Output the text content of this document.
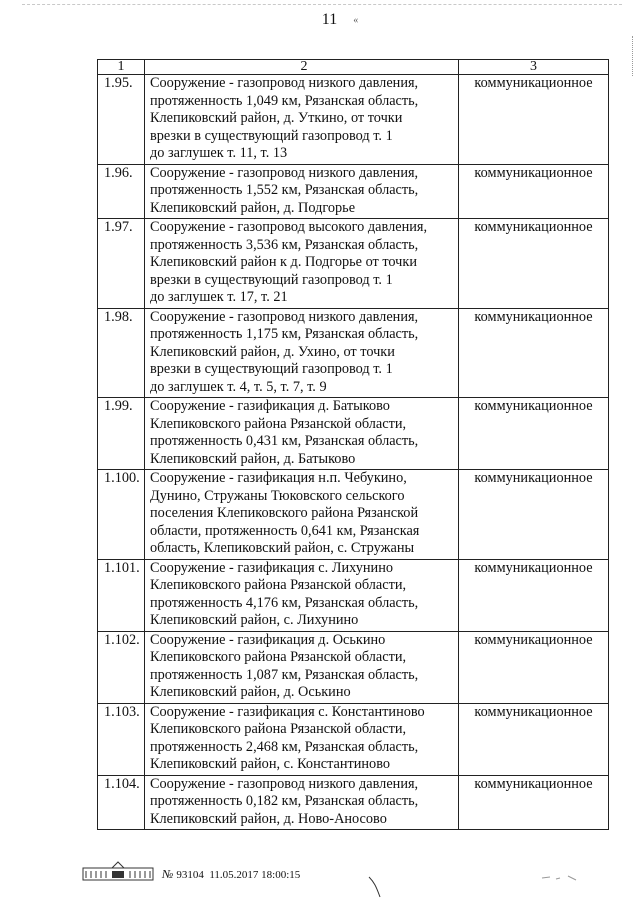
11 «
1	2	3
1.95.	Сооружение - газопровод низкого давления,
протяженность 1,049 км, Рязанская область,
Клепиковский район, д. Уткино, от точки
врезки в существующий газопровод т. 1
до заглушек т. 11, т. 13	коммуникационное
1.96.	Сооружение - газопровод низкого давления,
протяженность 1,552 км, Рязанская область,
Клепиковский район, д. Подгорье	коммуникационное
1.97.	Сооружение - газопровод высокого давления,
протяженность 3,536 км, Рязанская область,
Клепиковский район к д. Подгорье от точки
врезки в существующий газопровод т. 1
до заглушек т. 17, т. 21	коммуникационное
1.98.	Сооружение - газопровод низкого давления,
протяженность 1,175 км, Рязанская область,
Клепиковский район, д. Ухино, от точки
врезки в существующий газопровод т. 1
до заглушек т. 4, т. 5, т. 7, т. 9	коммуникационное
1.99.	Сооружение - газификация д. Батыково
Клепиковского района Рязанской области,
протяженность 0,431 км, Рязанская область,
Клепиковский район, д. Батыково	коммуникационное
1.100.	Сооружение - газификация н.п. Чебукино,
Дунино, Стружаны Тюковского сельского
поселения Клепиковского района Рязанской
области, протяженность 0,641 км, Рязанская
область, Клепиковский район, с. Стружаны	коммуникационное
1.101.	Сооружение - газификация с. Лихунино
Клепиковского района Рязанской области,
протяженность 4,176 км, Рязанская область,
Клепиковский район, с. Лихунино	коммуникационное
1.102.	Сооружение - газификация д. Оськино
Клепиковского района Рязанской области,
протяженность 1,087 км, Рязанская область,
Клепиковский район, д. Оськино	коммуникационное
1.103.	Сооружение - газификация с. Константиново
Клепиковского района Рязанской области,
протяженность 2,468 км, Рязанская область,
Клепиковский район, с. Константиново	коммуникационное
1.104.	Сооружение - газопровод низкого давления,
протяженность 0,182 км, Рязанская область,
Клепиковский район, д. Ново-Аносово	коммуникационное
№ 93104 11.05.2017 18:00:15
